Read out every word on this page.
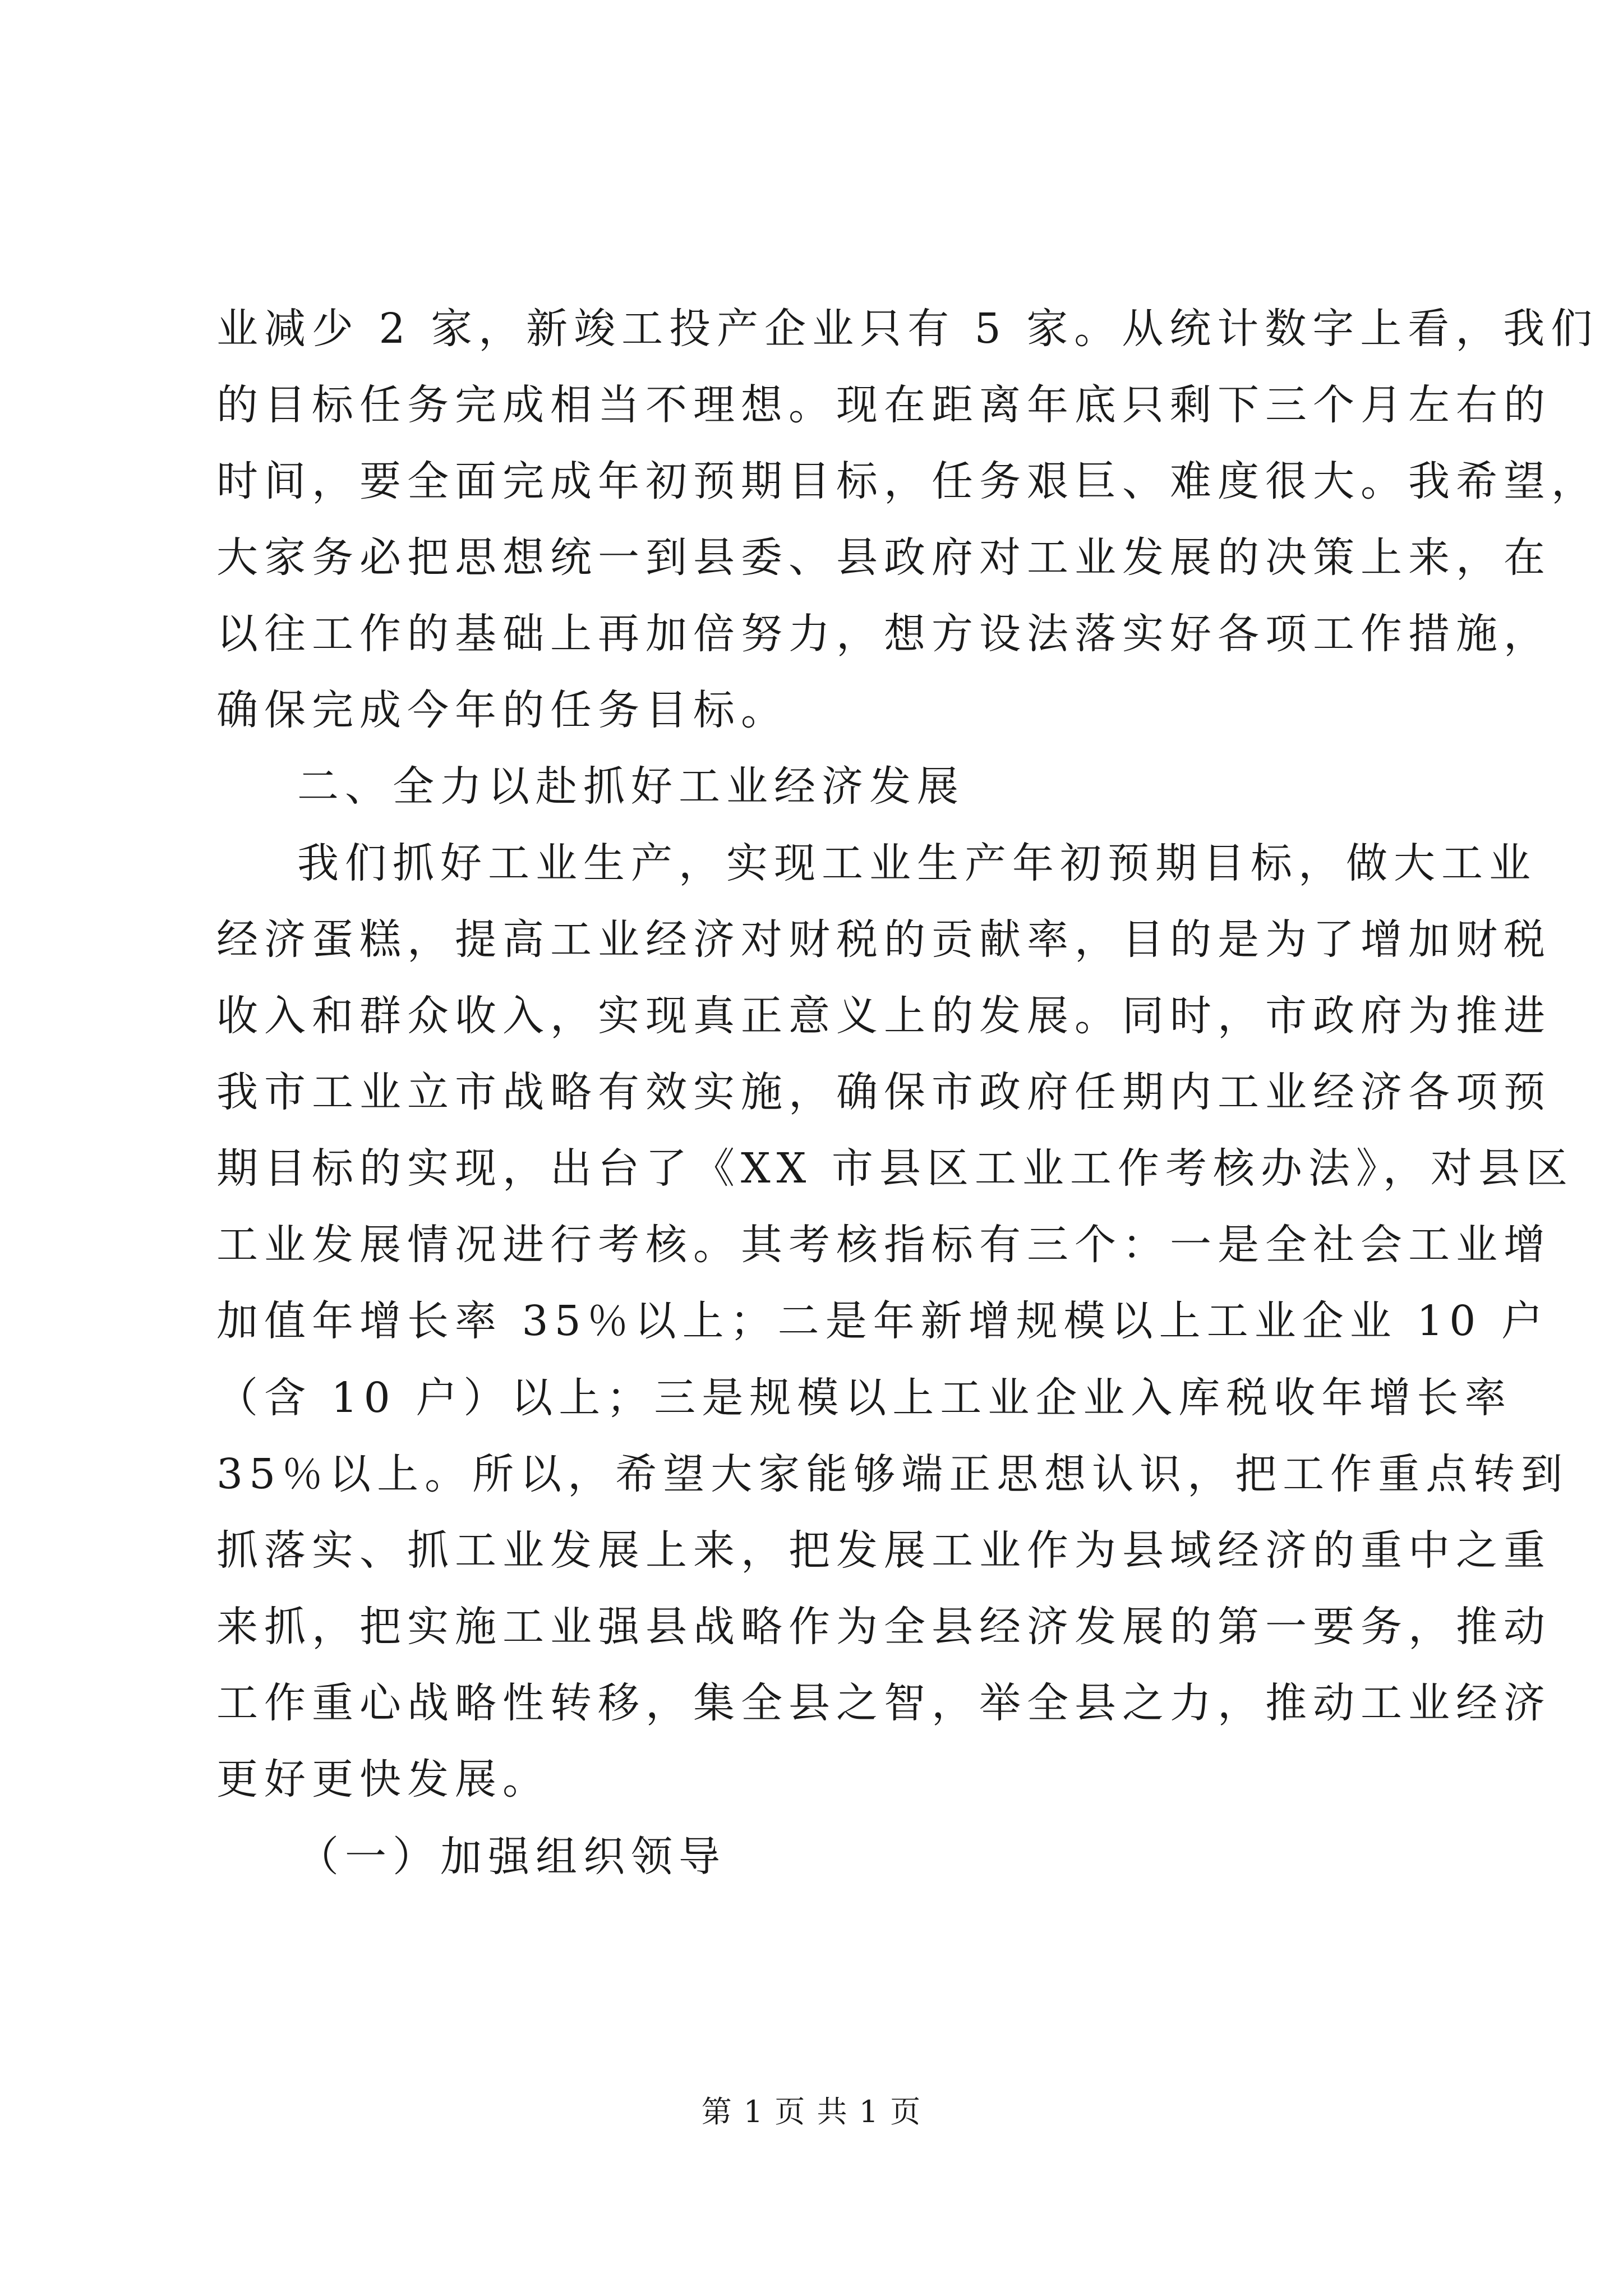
业减少 2 家，新竣工投产企业只有 5 家。从统计数字上看，我们
的目标任务完成相当不理想。现在距离年底只剩下三个月左右的
时间，要全面完成年初预期目标，任务艰巨、难度很大。我希望，
大家务必把思想统一到县委、县政府对工业发展的决策上来，在
以往工作的基础上再加倍努力，想方设法落实好各项工作措施，
确保完成今年的任务目标。
二、全力以赴抓好工业经济发展
我们抓好工业生产，实现工业生产年初预期目标，做大工业
经济蛋糕，提高工业经济对财税的贡献率，目的是为了增加财税
收入和群众收入，实现真正意义上的发展。同时，市政府为推进
我市工业立市战略有效实施，确保市政府任期内工业经济各项预
期目标的实现，出台了《XX 市县区工业工作考核办法》，对县区
工业发展情况进行考核。其考核指标有三个：一是全社会工业增
加值年增长率 35％以上；二是年新增规模以上工业企业 10 户
（含 10 户）以上；三是规模以上工业企业入库税收年增长率
35％以上。所以，希望大家能够端正思想认识，把工作重点转到
抓落实、抓工业发展上来，把发展工业作为县域经济的重中之重
来抓，把实施工业强县战略作为全县经济发展的第一要务，推动
工作重心战略性转移，集全县之智，举全县之力，推动工业经济
更好更快发展。
（一）加强组织领导
第 1 页 共 1 页
